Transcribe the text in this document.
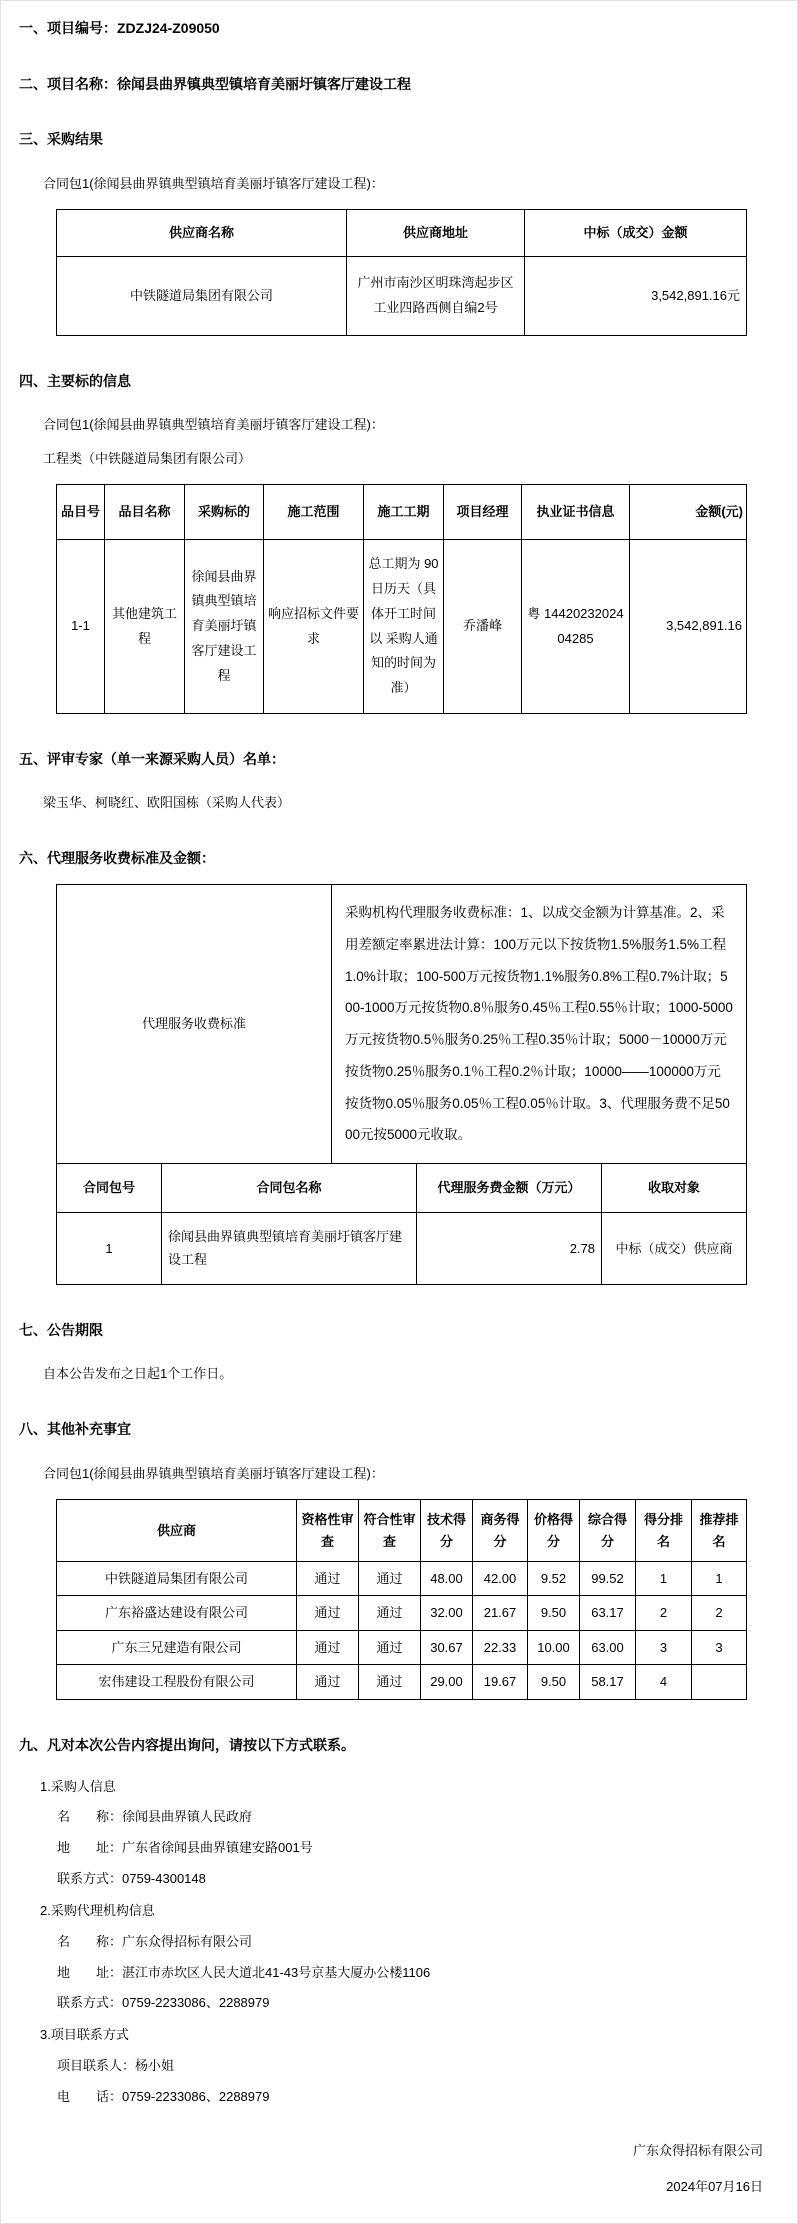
一、项目编号：ZDZJ24-Z09050
二、项目名称：徐闻县曲界镇典型镇培育美丽圩镇客厅建设工程
三、采购结果
合同包1(徐闻县曲界镇典型镇培育美丽圩镇客厅建设工程)：
供应商名称	供应商地址	中标（成交）金额
中铁隧道局集团有限公司	广州市南沙区明珠湾起步区工业四路西侧自编2号	3,542,891.16元
四、主要标的信息
合同包1(徐闻县曲界镇典型镇培育美丽圩镇客厅建设工程)：
工程类（中铁隧道局集团有限公司）
品目号	品目名称	采购标的	施工范围	施工工期	项目经理	执业证书信息	金额(元)
1-1	其他建筑工程	徐闻县曲界镇典型镇培育美丽圩镇客厅建设工程	响应招标文件要求	总工期为 90 日历天（具 体开工时间 以 采购人通知的时间为准）	乔潘峰	粤 1442023202404285	3,542,891.16
五、评审专家（单一来源采购人员）名单：
梁玉华、柯晓红、欧阳国栋（采购人代表）
六、代理服务收费标准及金额：
代理服务收费标准	采购机构代理服务收费标准：1、以成交金额为计算基准。2、采用差额定率累进法计算：100万元以下按货物1.5%服务1.5%工程1.0%计取；100-500万元按货物1.1%服务0.8%工程0.7%计取；500-1000万元按货物0.8％服务0.45％工程0.55％计取；1000-5000万元按货物0.5％服务0.25％工程0.35％计取；5000－10000万元按货物0.25％服务0.1％工程0.2％计取；10000――100000万元按货物0.05％服务0.05％工程0.05％计取。3、代理服务费不足5000元按5000元收取。
合同包号	合同包名称	代理服务费金额（万元）	收取对象
1	徐闻县曲界镇典型镇培育美丽圩镇客厅建设工程	2.78	中标（成交）供应商
七、公告期限
自本公告发布之日起1个工作日。
八、其他补充事宜
合同包1(徐闻县曲界镇典型镇培育美丽圩镇客厅建设工程)：
供应商	资格性审查	符合性审查	技术得分	商务得分	价格得分	综合得分	得分排名	推荐排名
中铁隧道局集团有限公司	通过	通过	48.00	42.00	9.52	99.52	1	1
广东裕盛达建设有限公司	通过	通过	32.00	21.67	9.50	63.17	2	2
广东三兄建造有限公司	通过	通过	30.67	22.33	10.00	63.00	3	3
宏伟建设工程股份有限公司	通过	通过	29.00	19.67	9.50	58.17	4	
九、凡对本次公告内容提出询问，请按以下方式联系。
1.采购人信息
名　　称：徐闻县曲界镇人民政府
地　　址：广东省徐闻县曲界镇建安路001号
联系方式：0759-4300148
2.采购代理机构信息
名　　称：广东众得招标有限公司
地　　址：湛江市赤坎区人民大道北41-43号京基大厦办公楼1106
联系方式：0759-2233086、2288979
3.项目联系方式
项目联系人：杨小姐
电　　话：0759-2233086、2288979
广东众得招标有限公司
2024年07月16日
